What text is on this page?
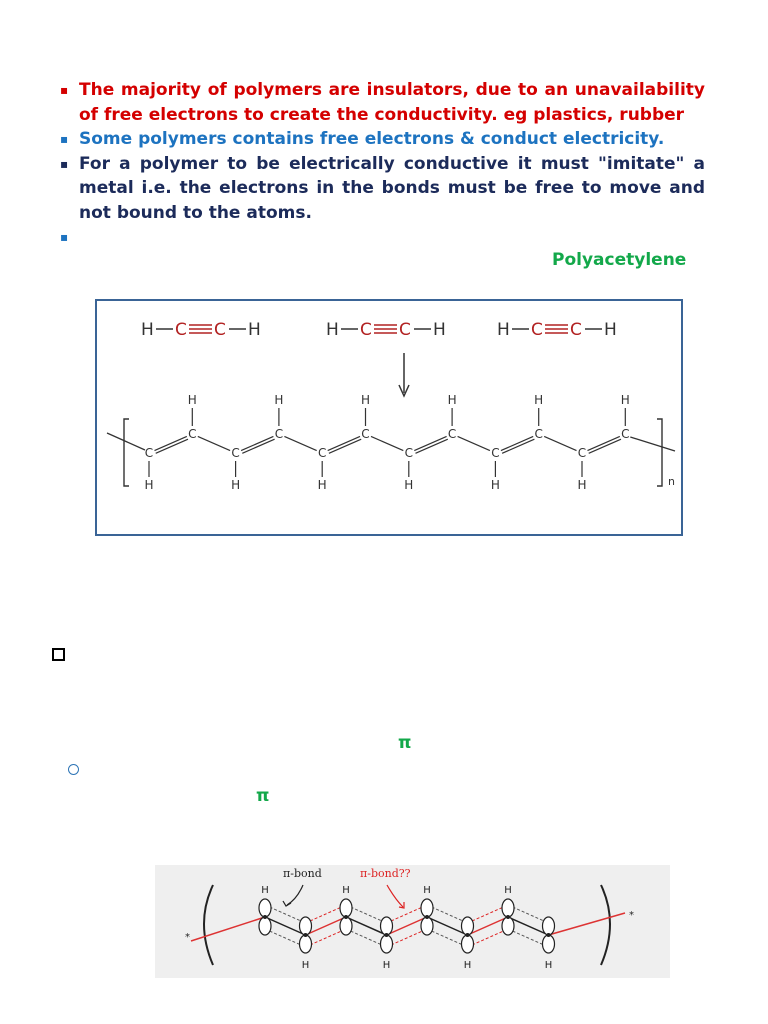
▪ The majority of polymers are insulators, due to an unavailability of free electrons to create the conductivity. eg plastics, rubber
▪ Some polymers contains free electrons & conduct electricity.
▪ For a polymer to be electrically conductive it must "imitate" a metal i.e. the electrons in the bonds must be free to move and not bound to the atoms.
▪
Polyacetylene
H C C H	H C C H	H C C H
C
H
C
H
C
H
C
H
C
H
C
H
C
H
C
H
C
H
C
H
C
H
C
H
n
π
π
π-bond	π-bond??
*
*
H
H
H
H
H
H
H
H
